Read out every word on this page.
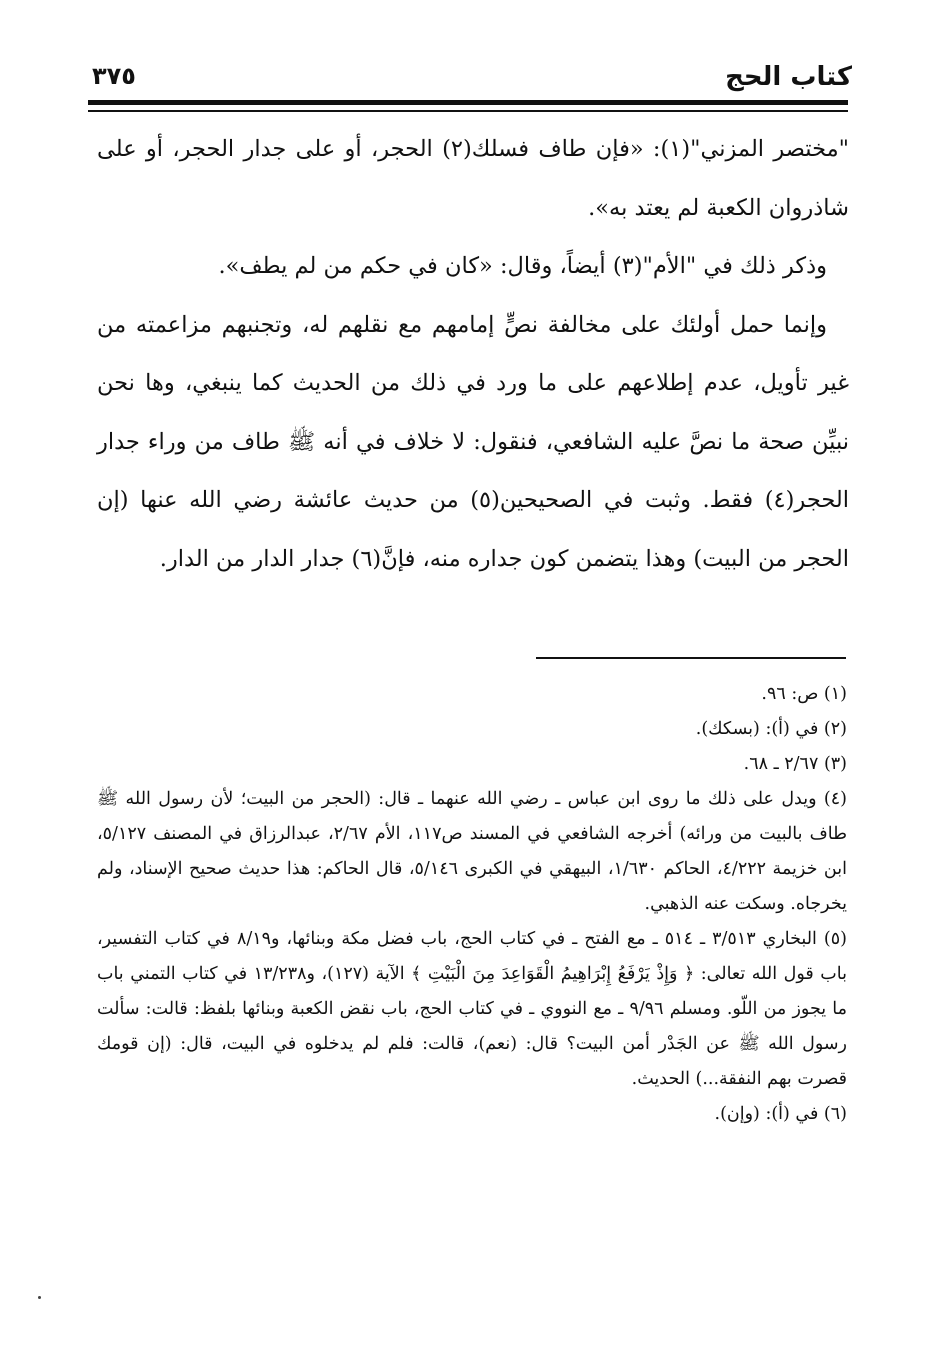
كتاب الحج
٣٧٥

"مختصر المزني"(١): «فإن طاف فسلك(٢) الحجر، أو على جدار الحجر، أو على شاذروان الكعبة لم يعتد به».

وذكر ذلك في "الأم"(٣) أيضاً، وقال: «كان في حكم من لم يطف».

وإنما حمل أولئك على مخالفة نصٍّ إمامهم مع نقلهم له، وتجنبهم مزاعمته من غير تأويل، عدم إطلاعهم على ما ورد في ذلك من الحديث كما ينبغي، وها نحن نبيِّن صحة ما نصَّ عليه الشافعي، فنقول: لا خلاف في أنه ﷺ طاف من وراء جدار الحجر(٤) فقط. وثبت في الصحيحين(٥) من حديث عائشة رضي الله عنها (إن الحجر من البيت) وهذا يتضمن كون جداره منه، فإنَّ(٦) جدار الدار من الدار.

(١) ص: ٩٦.

(٢) في (أ): (بسكك).

(٣) ٢/٦٧ ـ ٦٨.

(٤) ويدل على ذلك ما روى ابن عباس ـ رضي الله عنهما ـ قال: (الحجر من البيت؛ لأن رسول الله ﷺ طاف بالبيت من ورائه) أخرجه الشافعي في المسند ص١١٧، الأم ٢/٦٧، عبدالرزاق في المصنف ٥/١٢٧، ابن خزيمة ٤/٢٢٢، الحاكم ١/٦٣٠، البيهقي في الكبرى ٥/١٤٦، قال الحاكم: هذا حديث صحيح الإسناد، ولم يخرجاه. وسكت عنه الذهبي.

(٥) البخاري ٣/٥١٣ ـ ٥١٤ ـ مع الفتح ـ في كتاب الحج، باب فضل مكة وبنائها، و٨/١٩ في كتاب التفسير، باب قول الله تعالى: ﴿ وَإِذْ يَرْفَعُ إِبْرَاهِيمُ الْقَوَاعِدَ مِنَ الْبَيْتِ ﴾ الآية (١٢٧)، و١٣/٢٣٨ في كتاب التمني باب ما يجوز من اللّو. ومسلم ٩/٩٦ ـ مع النووي ـ في كتاب الحج، باب نقض الكعبة وبنائها بلفظ: قالت: سألت رسول الله ﷺ عن الجَدْر أمن البيت؟ قال: (نعم)، قالت: فلم لم يدخلوه في البيت، قال: (إن قومك قصرت بهم النفقة...) الحديث.

(٦) في (أ): (وإن).
